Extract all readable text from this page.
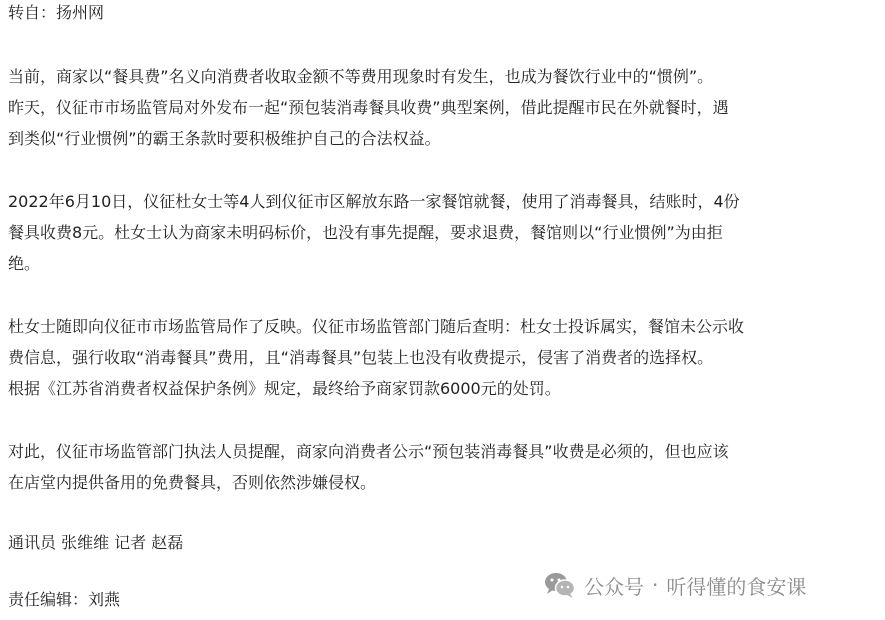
转自：扬州网

当前，商家以“餐具费”名义向消费者收取金额不等费用现象时有发生，也成为餐饮行业中的“惯例”。
昨天，仪征市市场监管局对外发布一起“预包装消毒餐具收费”典型案例，借此提醒市民在外就餐时，遇
到类似“行业惯例”的霸王条款时要积极维护自己的合法权益。

2022年6月10日，仪征杜女士等4人到仪征市区解放东路一家餐馆就餐，使用了消毒餐具，结账时，4份
餐具收费8元。杜女士认为商家未明码标价，也没有事先提醒，要求退费，餐馆则以“行业惯例”为由拒
绝。

杜女士随即向仪征市市场监管局作了反映。仪征市场监管部门随后查明：杜女士投诉属实，餐馆未公示收
费信息，强行收取“消毒餐具”费用，且“消毒餐具”包装上也没有收费提示，侵害了消费者的选择权。
根据《江苏省消费者权益保护条例》规定，最终给予商家罚款6000元的处罚。

对此，仪征市场监管部门执法人员提醒，商家向消费者公示“预包装消毒餐具”收费是必须的，但也应该
在店堂内提供备用的免费餐具，否则依然涉嫌侵权。

通讯员 张维维 记者 赵磊

责任编辑：刘燕

公众号 · 听得懂的食安课
